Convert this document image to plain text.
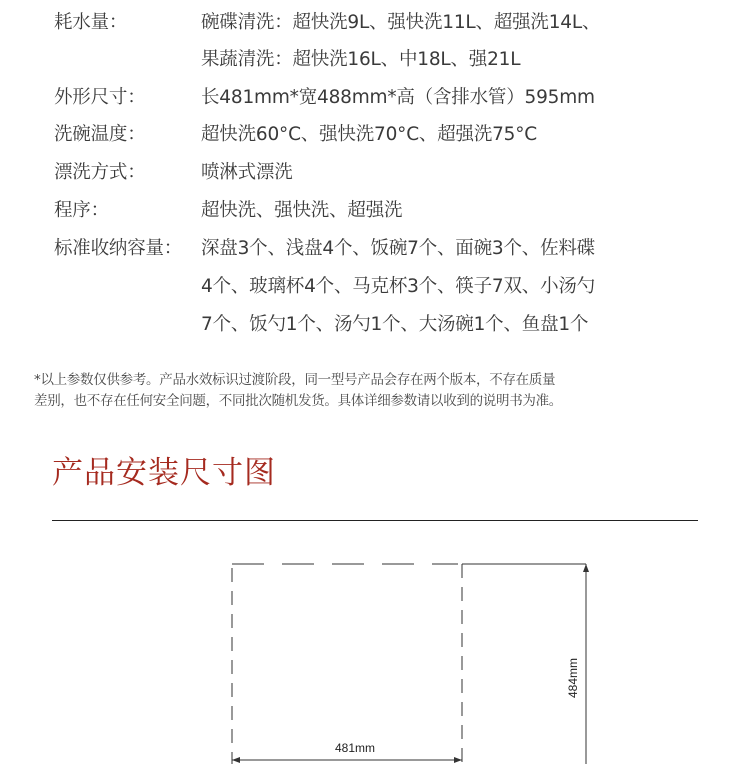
耗水量：	碗碟清洗：超快洗9L、强快洗11L、超强洗14L、
果蔬清洗：超快洗16L、中18L、强21L
外形尺寸：	长481mm*宽488mm*高（含排水管）595mm
洗碗温度：	超快洗60°C、强快洗70°C、超强洗75°C
漂洗方式：	喷淋式漂洗
程序：	超快洗、强快洗、超强洗
标准收纳容量： 深盘3个、浅盘4个、饭碗7个、面碗3个、佐料碟
4个、玻璃杯4个、马克杯3个、筷子7双、小汤勺
7个、饭勺1个、汤勺1个、大汤碗1个、鱼盘1个
*以上参数仅供参考。产品水效标识过渡阶段，同一型号产品会存在两个版本，不存在质量
差别，也不存在任何安全问题，不同批次随机发货。具体详细参数请以收到的说明书为准。
产品安装尺寸图
481mm
484mm
